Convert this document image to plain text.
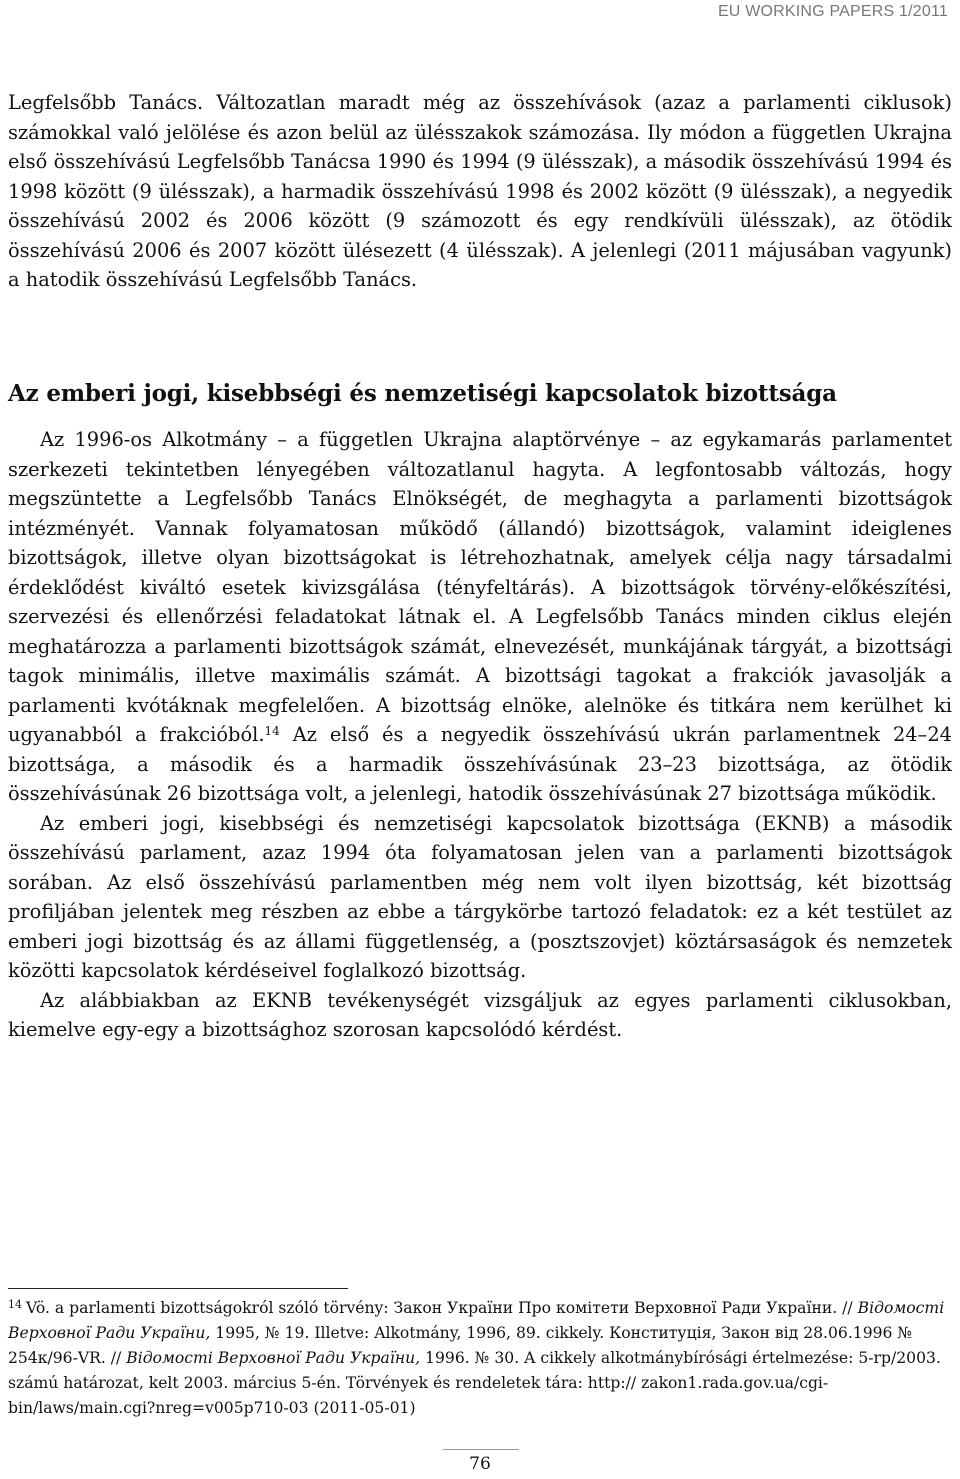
EU WORKING PAPERS 1/2011

Legfelsőbb Tanács. Változatlan maradt még az összehívások (azaz a parlamenti ciklusok) számokkal való jelölése és azon belül az ülésszakok számozása. Ily módon a független Ukrajna első összehívású Legfelsőbb Tanácsa 1990 és 1994 (9 ülésszak), a második összehívású 1994 és 1998 között (9 ülésszak), a harmadik összehívású 1998 és 2002 között (9 ülésszak), a negyedik összehívású 2002 és 2006 között (9 számozott és egy rendkívüli ülésszak), az ötödik összehívású 2006 és 2007 között ülésezett (4 ülésszak). A jelenlegi (2011 májusában vagyunk) a hatodik összehívású Legfelsőbb Tanács.

Az emberi jogi, kisebbségi és nemzetiségi kapcsolatok bizottsága

Az 1996-os Alkotmány – a független Ukrajna alaptörvénye – az egykamarás parlamentet szerkezeti tekintetben lényegében változatlanul hagyta. A legfontosabb változás, hogy megszüntette a Legfelsőbb Tanács Elnökségét, de meghagyta a parlamenti bizottságok intézményét. Vannak folyamatosan működő (állandó) bizottságok, valamint ideiglenes bizottságok, illetve olyan bizottságokat is létrehozhatnak, amelyek célja nagy társadalmi érdeklődést kiváltó esetek kivizsgálása (tényfeltárás). A bizottságok törvény-előkészítési, szervezési és ellenőrzési feladatokat látnak el. A Legfelsőbb Tanács minden ciklus elején meghatározza a parlamenti bizottságok számát, elnevezését, munkájának tárgyát, a bizottsági tagok minimális, illetve maximális számát. A bizottsági tagokat a frakciók javasolják a parlamenti kvótáknak megfelelően. A bizottság elnöke, alelnöke és titkára nem kerülhet ki ugyanabból a frakcióból.$^{14}$ Az első és a negyedik összehívású ukrán parlamentnek 24–24 bizottsága, a második és a harmadik összehívásúnak 23–23 bizottsága, az ötödik összehívásúnak 26 bizottsága volt, a jelenlegi, hatodik összehívásúnak 27 bizottsága működik.

Az emberi jogi, kisebbségi és nemzetiségi kapcsolatok bizottsága (EKNB) a második összehívású parlament, azaz 1994 óta folyamatosan jelen van a parlamenti bizottságok sorában. Az első összehívású parlamentben még nem volt ilyen bizottság, két bizottság profiljában jelentek meg részben az ebbe a tárgykörbe tartozó feladatok: ez a két testület az emberi jogi bizottság és az állami függetlenség, a (posztszovjet) köztársaságok és nemzetek közötti kapcsolatok kérdéseivel foglalkozó bizottság.

Az alábbiakban az EKNB tevékenységét vizsgáljuk az egyes parlamenti ciklusokban, kiemelve egy-egy a bizottsághoz szorosan kapcsolódó kérdést.

$^{14}$ Vö. a parlamenti bizottságokról szóló törvény: Закон України Про комітети Верховної Ради України. // Відомості Верховної Ради України, 1995, № 19. Illetve: Alkotmány, 1996, 89. cikkely. Конституція, Закон від 28.06.1996 № 254к/96-VR. // Відомості Верховної Ради України, 1996. № 30. A cikkely alkotmánybírósági értelmezése: 5-rp/2003. számú határozat, kelt 2003. március 5-én. Törvények és rendeletek tára: http:// zakon1.rada.gov.ua/cgi-bin/laws/main.cgi?nreg=v005p710-03 (2011-05-01)
76
